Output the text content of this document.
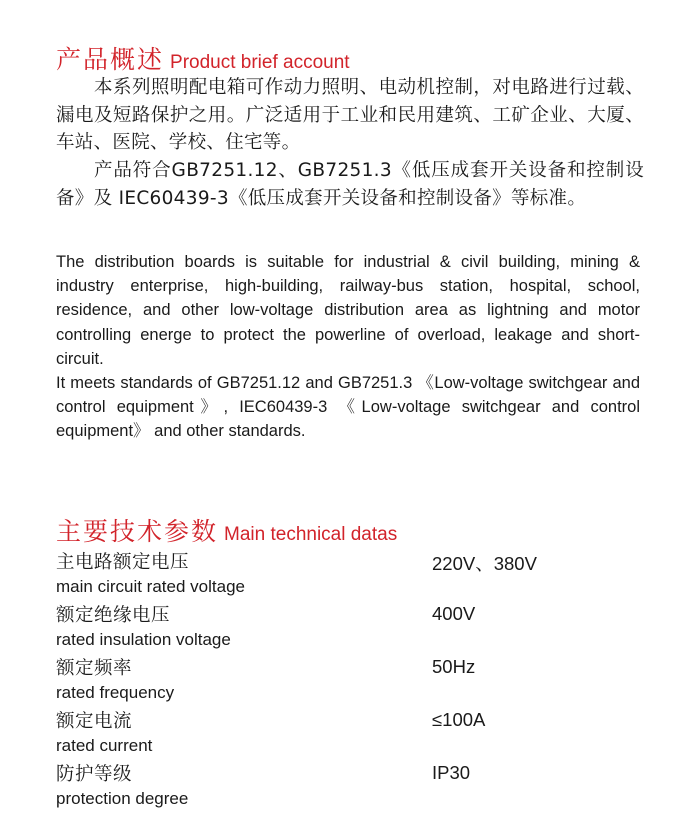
产品概述 Product brief account

本系列照明配电箱可作动力照明、电动机控制，对电路进行过载、漏电及短路保护之用。广泛适用于工业和民用建筑、工矿企业、大厦、车站、医院、学校、住宅等。

产品符合GB7251.12、GB7251.3《低压成套开关设备和控制设备》及 IEC60439-3《低压成套开关设备和控制设备》等标准。

The distribution boards is suitable for industrial & civil building, mining & industry enterprise, high-building, railway-bus station, hospital, school, residence, and other low-voltage distribution area as lightning and motor controlling energe to protect the powerline of overload, leakage and short-circuit.

It meets standards of GB7251.12 and GB7251.3 《Low-voltage switchgear and control equipment》, IEC60439-3 《Low-voltage switchgear and control equipment》 and other standards.

主要技术参数 Main technical datas
主电路额定电压
main circuit rated voltage
220V、380V
额定绝缘电压
rated insulation voltage
400V
额定频率
rated frequency
50Hz
额定电流
rated current
≤100A
防护等级
protection degree
IP30
